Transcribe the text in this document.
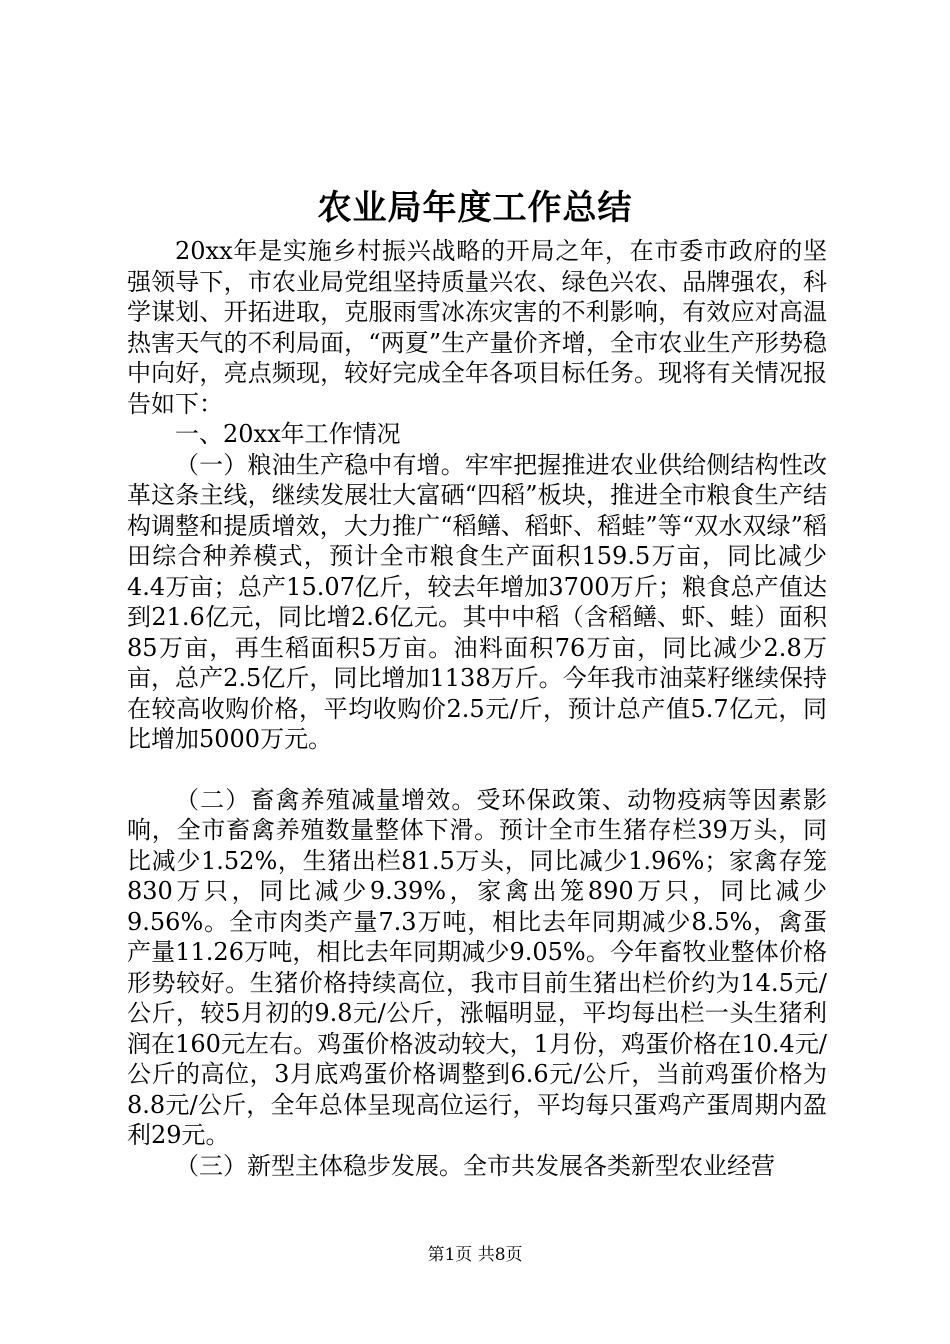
农业局年度工作总结

20xx年是实施乡村振兴战略的开局之年，在市委市政府的坚强领导下，市农业局党组坚持质量兴农、绿色兴农、品牌强农，科学谋划、开拓进取，克服雨雪冰冻灾害的不利影响，有效应对高温热害天气的不利局面，“两夏”生产量价齐增，全市农业生产形势稳中向好，亮点频现，较好完成全年各项目标任务。现将有关情况报告如下：

一、20xx年工作情况

（一）粮油生产稳中有增。牢牢把握推进农业供给侧结构性改革这条主线，继续发展壮大富硒“四稻”板块，推进全市粮食生产结构调整和提质增效，大力推广“稻鳝、稻虾、稻蛙”等“双水双绿”稻田综合种养模式，预计全市粮食生产面积159.5万亩，同比减少4.4万亩；总产15.07亿斤，较去年增加3700万斤；粮食总产值达到21.6亿元，同比增2.6亿元。其中中稻（含稻鳝、虾、蛙）面积85万亩，再生稻面积5万亩。油料面积76万亩，同比减少2.8万亩，总产2.5亿斤，同比增加1138万斤。今年我市油菜籽继续保持在较高收购价格，平均收购价2.5元/斤，预计总产值5.7亿元，同比增加5000万元。

（二）畜禽养殖减量增效。受环保政策、动物疫病等因素影响，全市畜禽养殖数量整体下滑。预计全市生猪存栏39万头，同比减少1.52%，生猪出栏81.5万头，同比减少1.96%；家禽存笼830万只，同比减少9.39%，家禽出笼890万只，同比减少9.56%。全市肉类产量7.3万吨，相比去年同期减少8.5%，禽蛋产量11.26万吨，相比去年同期减少9.05%。今年畜牧业整体价格形势较好。生猪价格持续高位，我市目前生猪出栏价约为14.5元/公斤，较5月初的9.8元/公斤，涨幅明显，平均每出栏一头生猪利润在160元左右。鸡蛋价格波动较大，1月份，鸡蛋价格在10.4元/公斤的高位，3月底鸡蛋价格调整到6.6元/公斤，当前鸡蛋价格为8.8元/公斤，全年总体呈现高位运行，平均每只蛋鸡产蛋周期内盈利29元。

（三）新型主体稳步发展。全市共发展各类新型农业经营

第1页 共8页
